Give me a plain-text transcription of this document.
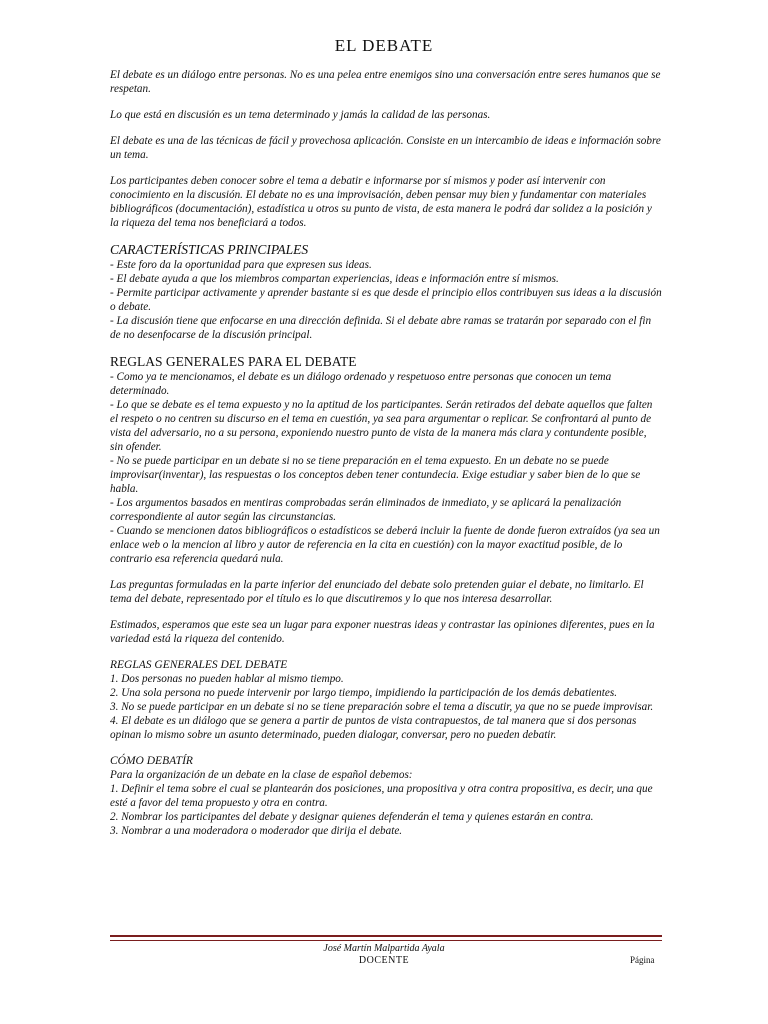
EL DEBATE

El debate es un diálogo entre personas. No es una pelea entre enemigos sino una conversación entre seres humanos que se respetan.

Lo que está en discusión es un tema determinado y jamás la calidad de las personas.

El debate es una de las técnicas de fácil y provechosa aplicación. Consiste en un intercambio de ideas e información sobre un tema.

Los participantes deben conocer sobre el tema a debatir e informarse por sí mismos y poder así intervenir con conocimiento en la discusión. El debate no es una improvisación, deben pensar muy bien y fundamentar con materiales bibliográficos (documentación), estadística u otros su punto de vista, de esta manera le podrá dar solidez a la posición y la riqueza del tema nos beneficiará a todos.

CARACTERÍSTICAS PRINCIPALES
- Este foro da la oportunidad para que expresen sus ideas.
- El debate ayuda a que los miembros compartan experiencias, ideas e información entre sí mismos.
- Permite participar activamente y aprender bastante si es que desde el principio ellos contribuyen sus ideas a la discusión o debate.
- La discusión tiene que enfocarse en una dirección definida. Si el debate abre ramas se tratarán por separado con el fin de no desenfocarse de la discusión principal.
REGLAS GENERALES PARA EL DEBATE
- Como ya te mencionamos, el debate es un diálogo ordenado y respetuoso entre personas que conocen un tema determinado.
- Lo que se debate es el tema expuesto y no la aptitud de los participantes. Serán retirados del debate aquellos que falten el respeto o no centren su discurso en el tema en cuestión, ya sea para argumentar o replicar. Se confrontará al punto de vista del adversario, no a su persona, exponiendo nuestro punto de vista de la manera más clara y contundente posible, sin ofender.
- No se puede participar en un debate si no se tiene preparación en el tema expuesto. En un debate no se puede improvisar(inventar), las respuestas o los conceptos deben tener contundecia. Exige estudiar y saber bien de lo que se habla.
- Los argumentos basados en mentiras comprobadas serán eliminados de inmediato, y se aplicará la penalización correspondiente al autor según las circunstancias.
- Cuando se mencionen datos bibliográficos o estadísticos se deberá incluir la fuente de donde fueron extraídos (ya sea un enlace web o la mencion al libro y autor de referencia en la cita en cuestión) con la mayor exactitud posible, de lo contrario esa referencia quedará nula.

Las preguntas formuladas en la parte inferior del enunciado del debate solo pretenden guiar el debate, no limitarlo. El tema del debate, representado por el título es lo que discutiremos y lo que nos interesa desarrollar.

Estimados, esperamos que este sea un lugar para exponer nuestras ideas y contrastar las opiniones diferentes, pues en la variedad está la riqueza del contenido.

REGLAS GENERALES DEL DEBATE
1. Dos personas no pueden hablar al mismo tiempo.
2. Una sola persona no puede intervenir por largo tiempo, impidiendo la participación de los demás debatientes.
3. No se puede participar en un debate si no se tiene preparación sobre el tema a discutir, ya que no se puede improvisar.
4. El debate es un diálogo que se genera a partir de puntos de vista contrapuestos, de tal manera que si dos personas opinan lo mismo sobre un asunto determinado, pueden dialogar, conversar, pero no pueden debatir.
CÓMO DEBATÍR
Para la organización de un debate en la clase de español debemos:
1. Definir el tema sobre el cual se plantearán dos posiciones, una propositiva y otra contra propositiva, es decir, una que esté a favor del tema propuesto y otra en contra.
2. Nombrar los participantes del debate y designar quienes defenderán el tema y quienes estarán en contra.
3. Nombrar a una moderadora o moderador que dirija el debate.
José Martín Malpartida Ayala
DOCENTE	Página
